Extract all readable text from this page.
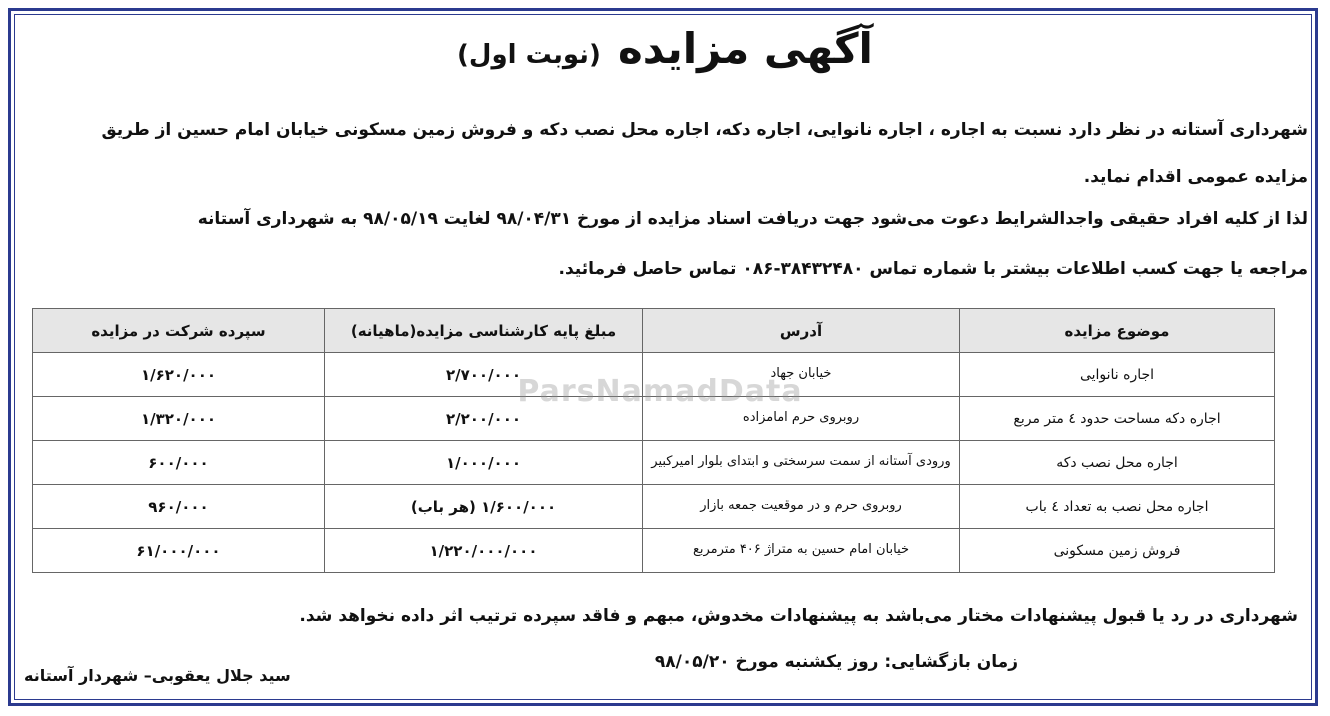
آگهی مزایده (نوبت اول)
شهرداری آستانه در نظر دارد نسبت به اجاره ، اجاره نانوایی، اجاره دکه، اجاره محل نصب دکه و فروش زمین مسکونی خیابان امام حسین از طریق
مزایده عمومی اقدام نماید.
لذا از کلیه افراد حقیقی واجدالشرایط دعوت می‌شود جهت دریافت اسناد مزایده از مورخ ۹۸/۰۴/۳۱ لغایت ۹۸/۰۵/۱۹ به شهرداری آستانه
مراجعه یا جهت کسب اطلاعات بیشتر با شماره تماس ۳۸۴۳۲۴۸۰-۰۸۶ تماس حاصل فرمائید.
موضوع مزایده	آدرس	مبلغ پایه کارشناسی مزایده(ماهیانه)	سپرده شرکت در مزایده
اجاره نانوایی	خیابان جهاد	۲/۷۰۰/۰۰۰	۱/۶۲۰/۰۰۰
اجاره دکه مساحت حدود ٤ متر مربع	روبروی حرم امامزاده	۲/۲۰۰/۰۰۰	۱/۳۲۰/۰۰۰
اجاره محل نصب دکه	ورودی آستانه از سمت سرسختی و ابتدای بلوار امیرکبیر	۱/۰۰۰/۰۰۰	۶۰۰/۰۰۰
اجاره محل نصب به تعداد ٤ باب	روبروی حرم و در موقعیت جمعه بازار	۱/۶۰۰/۰۰۰ (هر باب)	۹۶۰/۰۰۰
فروش زمین مسکونی	خیابان امام حسین به متراژ ۴۰۶ مترمربع	۱/۲۲۰/۰۰۰/۰۰۰	۶۱/۰۰۰/۰۰۰
ParsNamadData
شهرداری در رد یا قبول پیشنهادات مختار می‌باشد به پیشنهادات مخدوش، مبهم و فاقد سپرده ترتیب اثر داده نخواهد شد.
زمان بازگشایی: روز یکشنبه مورخ ۹۸/۰۵/۲۰
سید جلال یعقوبی– شهردار آستانه
